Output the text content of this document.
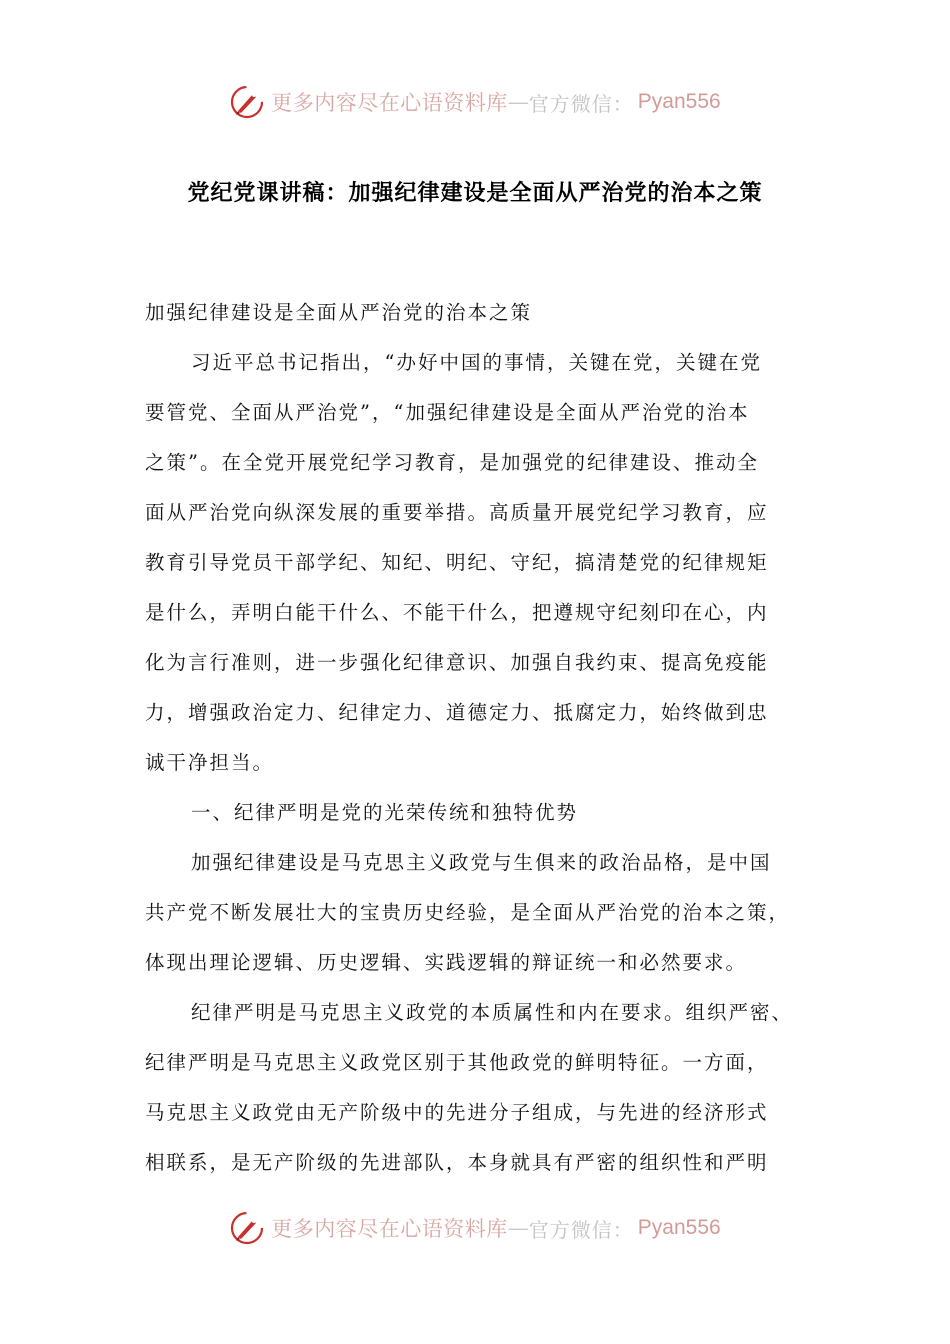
更多内容尽在心语资料库 — 官方微信： Pyan556
党纪党课讲稿：加强纪律建设是全面从严治党的治本之策
加强纪律建设是全面从严治党的治本之策
习近平总书记指出，“办好中国的事情，关键在党，关键在党
要管党、全面从严治党”，“加强纪律建设是全面从严治党的治本
之策”。在全党开展党纪学习教育，是加强党的纪律建设、推动全
面从严治党向纵深发展的重要举措。高质量开展党纪学习教育，应
教育引导党员干部学纪、知纪、明纪、守纪，搞清楚党的纪律规矩
是什么，弄明白能干什么、不能干什么，把遵规守纪刻印在心，内
化为言行准则，进一步强化纪律意识、加强自我约束、提高免疫能
力，增强政治定力、纪律定力、道德定力、抵腐定力，始终做到忠
诚干净担当。
一、纪律严明是党的光荣传统和独特优势
加强纪律建设是马克思主义政党与生俱来的政治品格，是中国
共产党不断发展壮大的宝贵历史经验，是全面从严治党的治本之策，
体现出理论逻辑、历史逻辑、实践逻辑的辩证统一和必然要求。
纪律严明是马克思主义政党的本质属性和内在要求。组织严密、
纪律严明是马克思主义政党区别于其他政党的鲜明特征。一方面，
马克思主义政党由无产阶级中的先进分子组成，与先进的经济形式
相联系，是无产阶级的先进部队，本身就具有严密的组织性和严明
更多内容尽在心语资料库 — 官方微信： Pyan556
